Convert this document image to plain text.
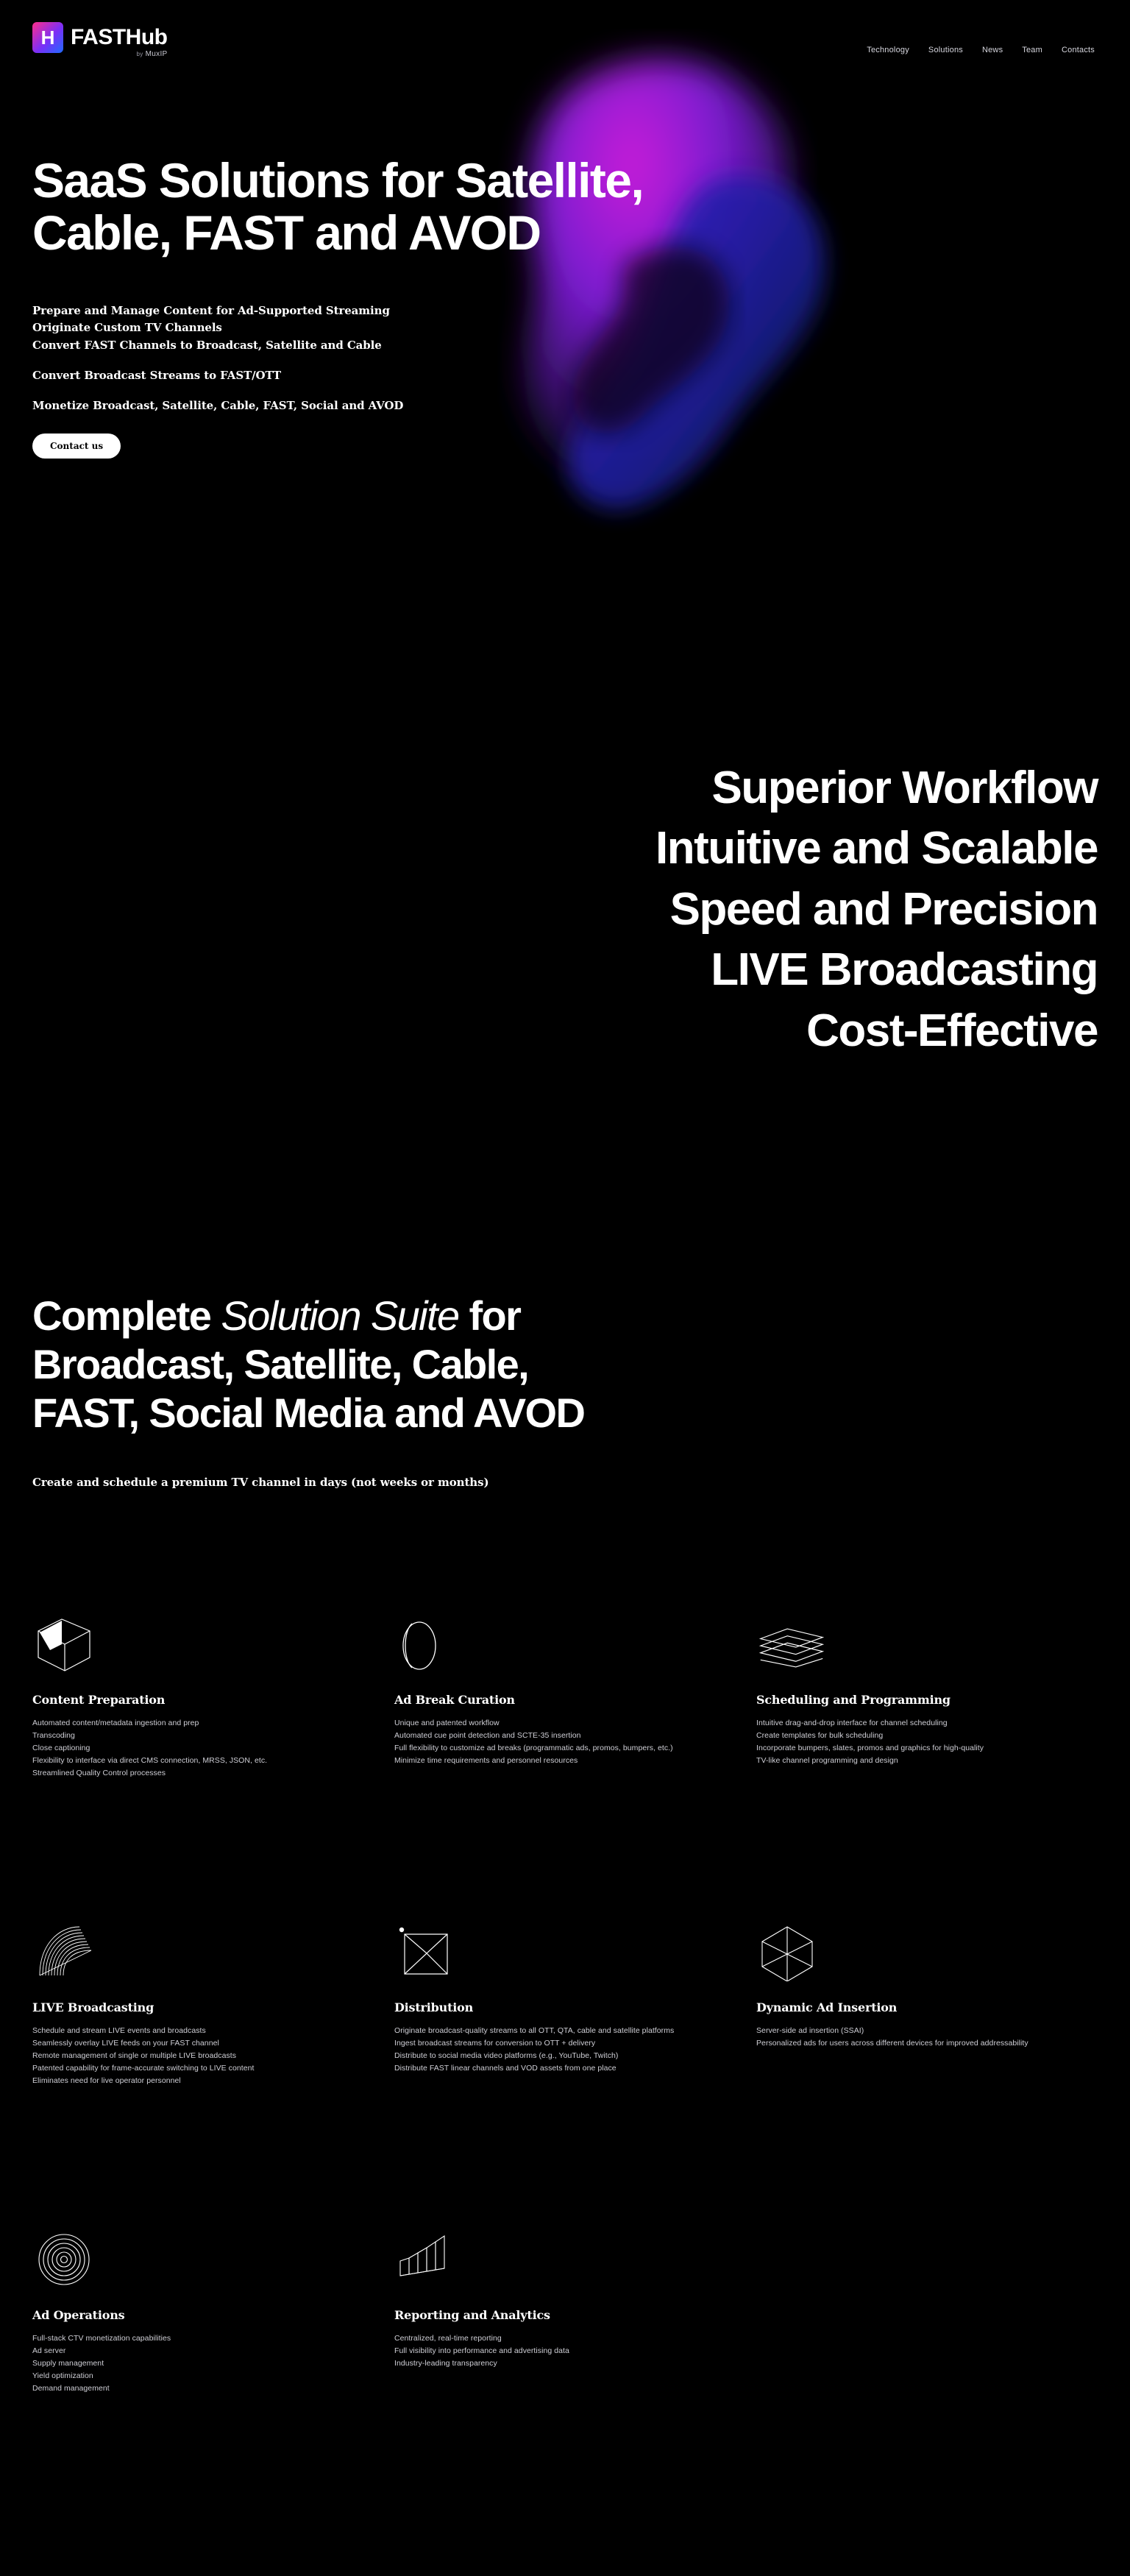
H FASTHub
by MuxIP	Technology Solutions News Team Contacts
SaaS Solutions for Satellite,
Cable, FAST and AVOD
Prepare and Manage Content for Ad-Supported Streaming
Originate Custom TV Channels
Convert FAST Channels to Broadcast, Satellite and Cable
Convert Broadcast Streams to FAST/OTT
Monetize Broadcast, Satellite, Cable, FAST, Social and AVOD
Contact us
Superior Workflow
Intuitive and Scalable
Speed and Precision
LIVE Broadcasting
Cost-Effective
Complete Solution Suite for
Broadcast, Satellite, Cable,
FAST, Social Media and AVOD
Create and schedule a premium TV channel in days (not weeks or months)
Content Preparation
Automated content/metadata ingestion and prep
Transcoding
Close captioning
Flexibility to interface via direct CMS connection, MRSS, JSON, etc.
Streamlined Quality Control processes
Ad Break Curation
Unique and patented workflow
Automated cue point detection and SCTE-35 insertion
Full flexibility to customize ad breaks (programmatic ads, promos, bumpers, etc.)
Minimize time requirements and personnel resources
Scheduling and Programming
Intuitive drag-and-drop interface for channel scheduling
Create templates for bulk scheduling
Incorporate bumpers, slates, promos and graphics for high-quality
TV-like channel programming and design
LIVE Broadcasting
Schedule and stream LIVE events and broadcasts
Seamlessly overlay LIVE feeds on your FAST channel
Remote management of single or multiple LIVE broadcasts
Patented capability for frame-accurate switching to LIVE content
Eliminates need for live operator personnel
Distribution
Originate broadcast-quality streams to all OTT, QTA, cable and satellite platforms
Ingest broadcast streams for conversion to OTT + delivery
Distribute to social media video platforms (e.g., YouTube, Twitch)
Distribute FAST linear channels and VOD assets from one place
Dynamic Ad Insertion
Server-side ad insertion (SSAI)
Personalized ads for users across different devices for improved addressability
Ad Operations
Full-stack CTV monetization capabilities
Ad server
Supply management
Yield optimization
Demand management
Reporting and Analytics
Centralized, real-time reporting
Full visibility into performance and advertising data
Industry-leading transparency
